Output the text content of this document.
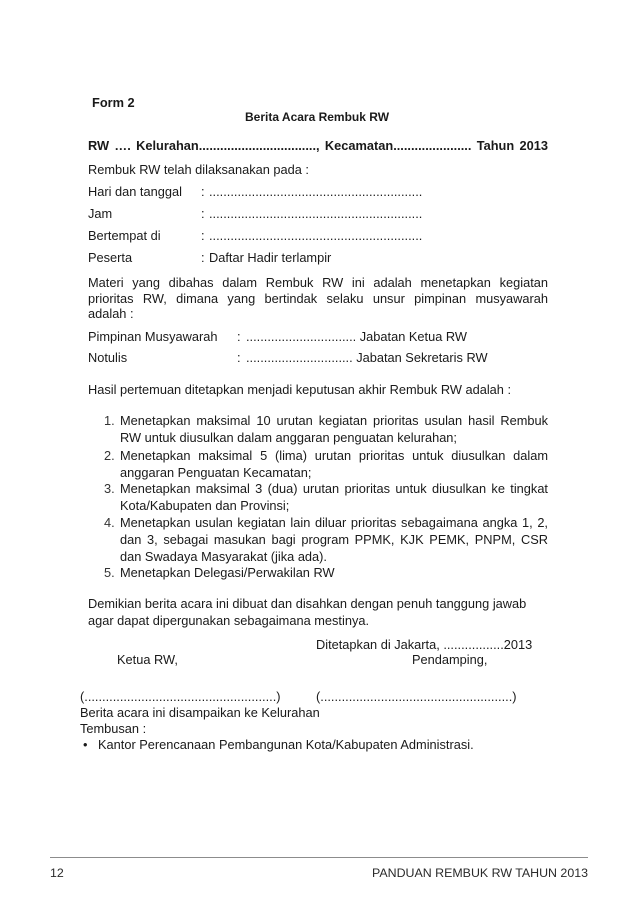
Form 2
Berita Acara Rembuk RW
RW …. Kelurahan................................., Kecamatan...................... Tahun 2013
Rembuk RW telah dilaksanakan pada :
Hari dan tanggal : ............................................................
Jam	: ............................................................
Bertempat di	: ............................................................
Peserta	: Daftar Hadir terlampir
Materi yang dibahas dalam Rembuk RW ini adalah menetapkan kegiatan
prioritas RW, dimana yang bertindak selaku unsur pimpinan musyawarah
adalah :
Pimpinan Musyawarah : ............................... Jabatan Ketua RW
Notulis	: .............................. Jabatan Sekretaris RW
Hasil pertemuan ditetapkan menjadi keputusan akhir Rembuk RW adalah :
1. Menetapkan maksimal 10 urutan kegiatan prioritas usulan hasil Rembuk
RW untuk diusulkan dalam anggaran penguatan kelurahan;
2. Menetapkan maksimal 5 (lima) urutan prioritas untuk diusulkan dalam
anggaran Penguatan Kecamatan;
3. Menetapkan maksimal 3 (dua) urutan prioritas untuk diusulkan ke tingkat
Kota/Kabupaten dan Provinsi;
4. Menetapkan usulan kegiatan lain diluar prioritas sebagaimana angka 1, 2,
dan 3, sebagai masukan bagi program PPMK, KJK PEMK, PNPM, CSR
dan Swadaya Masyarakat (jika ada).
5. Menetapkan Delegasi/Perwakilan RW
Demikian berita acara ini dibuat dan disahkan dengan penuh tanggung jawab
agar dapat dipergunakan sebagaimana mestinya.
Ditetapkan di Jakarta, .................2013
Ketua RW,	Pendamping,
(......................................................)	(......................................................)
Berita acara ini disampaikan ke Kelurahan
Tembusan :
• Kantor Perencanaan Pembangunan Kota/Kabupaten Administrasi.
12	PANDUAN REMBUK RW TAHUN 2013
